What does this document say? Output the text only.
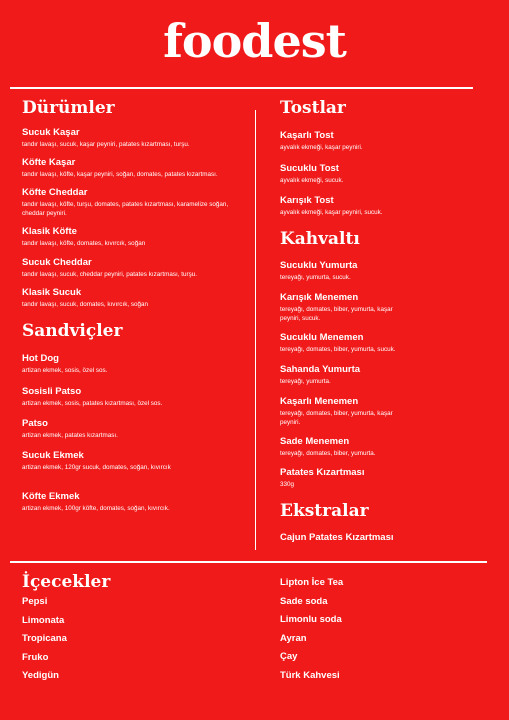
foodest
Dürümler
Sucuk Kaşar
tandır lavaşı, sucuk, kaşar peyniri, patates kızartması, turşu.
Köfte Kaşar
tandır lavaşı, köfte, kaşar peyniri, soğan, domates, patates kızartması.
Köfte Cheddar
tandır lavaşı, köfte, turşu, domates, patates kızartması, karamelize soğan, cheddar peyniri.
Klasik Köfte
tandır lavaşı, köfte, domates, kıvırcık, soğan
Sucuk Cheddar
tandır lavaşı, sucuk, cheddar peyniri, patates kızartması, turşu.
Klasik Sucuk
tandır lavaşı, sucuk, domates, kıvırcık, soğan
Sandviçler
Hot Dog
artizan ekmek, sosis, özel sos.
Sosisli Patso
artizan ekmek, sosis, patates kızartması, özel sos.
Patso
artizan ekmek, patates kızartması.
Sucuk Ekmek
artizan ekmek, 120gr sucuk, domates, soğan, kıvırcık
Köfte Ekmek
artizan ekmek, 100gr köfte, domates, soğan, kıvırcık.
Tostlar
Kaşarlı Tost
ayvalık ekmeği, kaşar peyniri.
Sucuklu Tost
ayvalık ekmeği, sucuk.
Karışık Tost
ayvalık ekmeği, kaşar peyniri, sucuk.
Kahvaltı
Sucuklu Yumurta
tereyağı, yumurta, sucuk.
Karışık Menemen
tereyağı, domates, biber, yumurta, kaşar peyniri, sucuk.
Sucuklu Menemen
tereyağı, domates, biber, yumurta, sucuk.
Sahanda Yumurta
tereyağı, yumurta.
Kaşarlı Menemen
tereyağı, domates, biber, yumurta, kaşar peyniri.
Sade Menemen
tereyağı, domates, biber, yumurta.
Patates Kızartması
330g
Ekstralar
Cajun Patates Kızartması
İçecekler
Pepsi
Limonata
Tropicana
Fruko
Yedigün
Lipton İce Tea
Sade soda
Limonlu soda
Ayran
Çay
Türk Kahvesi
